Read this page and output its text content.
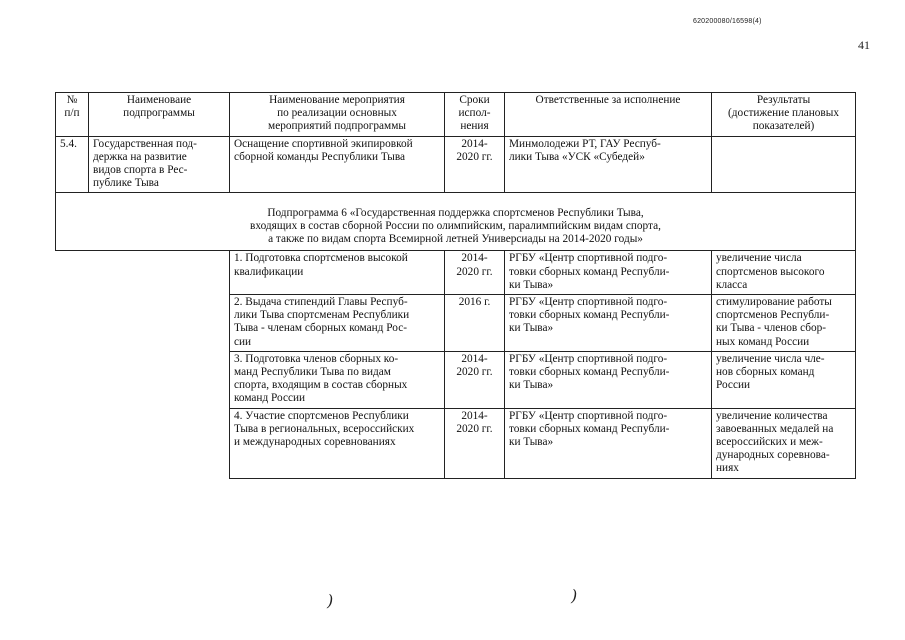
620200080/16598(4)
41
№
п/п	Наименоваие
подпрограммы	Наименование мероприятия
по реализации основных
мероприятий подпрограммы	Сроки
испол-
нения	Ответственные за исполнение	Результаты
(достижение плановых
показателей)
5.4.	Государственная под-
держка на развитие
видов спорта в Рес-
публике Тыва	Оснащение спортивной экипировкой
сборной команды Республики Тыва	2014-
2020 гг.	Минмолодежи РТ, ГАУ Респуб-
лики Тыва «УСК «Субедей»	
Подпрограмма 6 «Государственная поддержка спортсменов Республики Тыва,
входящих в состав сборной России по олимпийским, паралимпийским видам спорта,
а также по видам спорта Всемирной летней Универсиады на 2014-2020 годы»					
		1. Подготовка спортсменов высокой
квалификации	2014-
2020 гг.	РГБУ «Центр спортивной подго-
товки сборных команд Республи-
ки Тыва»	увеличение числа
спортсменов высокого
класса
		2. Выдача стипендий Главы Респуб-
лики Тыва спортсменам Республики
Тыва - членам сборных команд Рос-
сии	2016 г.	РГБУ «Центр спортивной подго-
товки сборных команд Республи-
ки Тыва»	стимулирование работы
спортсменов Республи-
ки Тыва - членов сбор-
ных команд России
		3. Подготовка членов сборных ко-
манд Республики Тыва по видам
спорта, входящим в состав сборных
команд России	2014-
2020 гг.	РГБУ «Центр спортивной подго-
товки сборных команд Республи-
ки Тыва»	увеличение числа чле-
нов сборных команд
России
		4. Участие спортсменов Республики
Тыва в региональных, всероссийских
и международных соревнованиях	2014-
2020 гг.	РГБУ «Центр спортивной подго-
товки сборных команд Республи-
ки Тыва»	увеличение количества
завоеванных медалей на
всероссийских и меж-
дународных соревнова-
ниях
)	)
